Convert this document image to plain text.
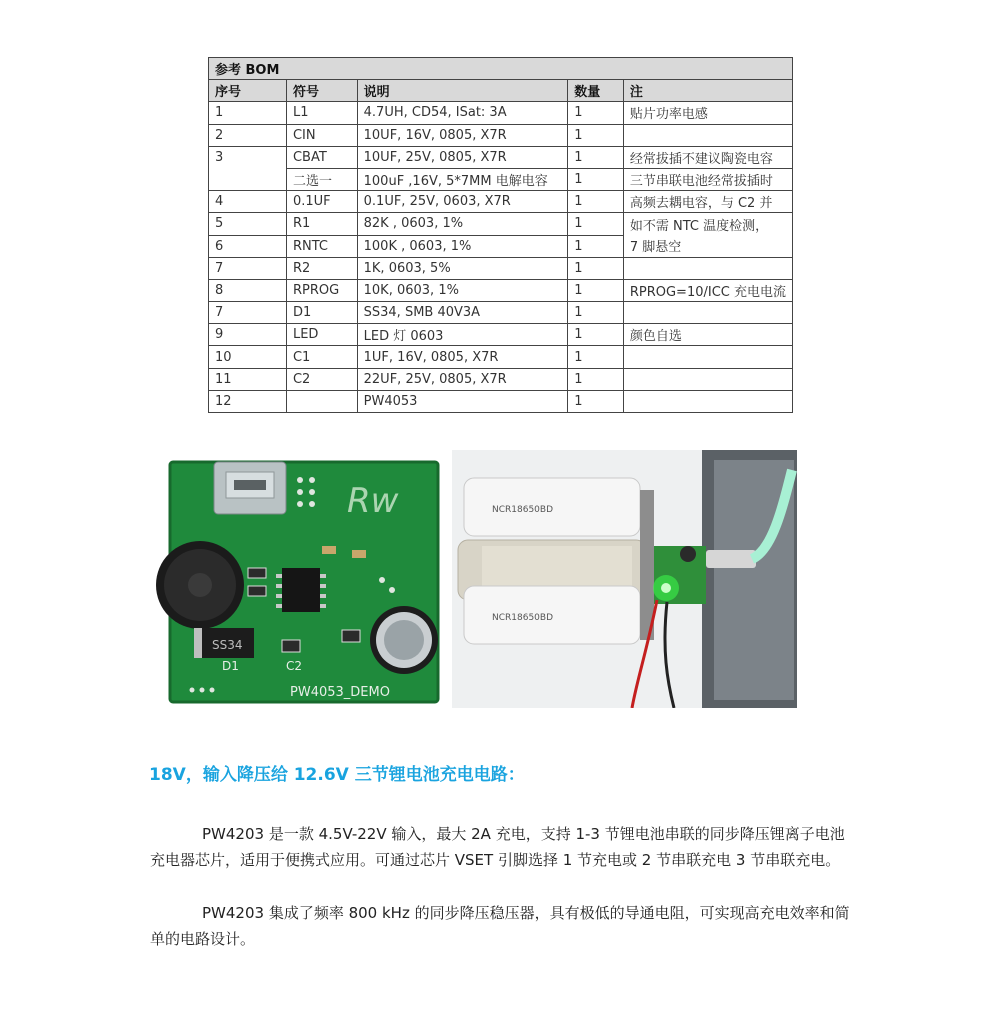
参考 BOM				
序号	符号	说明	数量	注
1	L1	4.7UH, CD54, ISat: 3A	1	贴片功率电感
2	CIN	10UF, 16V, 0805, X7R	1	
3	CBAT	10UF, 25V, 0805, X7R	1	经常拔插不建议陶瓷电容
	二选一	100uF ,16V, 5*7MM 电解电容	1	三节串联电池经常拔插时
4	0.1UF	0.1UF, 25V, 0603, X7R	1	高频去耦电容，与 C2 并
5	R1	82K , 0603, 1%	1	如不需 NTC 温度检测，
6	RNTC	100K , 0603, 1%	1	7 脚悬空
7	R2	1K, 0603, 5%	1	
8	RPROG	10K, 0603, 1%	1	RPROG=10/ICC 充电电流
7	D1	SS34, SMB 40V3A	1	
9	LED	LED 灯 0603	1	颜色自选
10	C1	1UF, 16V, 0805, X7R	1	
11	C2	22UF, 25V, 0805, X7R	1	
12		PW4053	1	
Rw
SS34
D1	C2
PW4053_DEMO
NCR18650BD
NCR18650BD
18V，输入降压给 12.6V 三节锂电池充电电路：
PW4203 是一款 4.5V-22V 输入，最大 2A 充电，支持 1-3 节锂电池串联的同步降压锂离子电池充电器芯片，适用于便携式应用。可通过芯片 VSET 引脚选择 1 节充电或 2 节串联充电 3 节串联充电。
PW4203 集成了频率 800 kHz 的同步降压稳压器，具有极低的导通电阻，可实现高充电效率和简单的电路设计。
